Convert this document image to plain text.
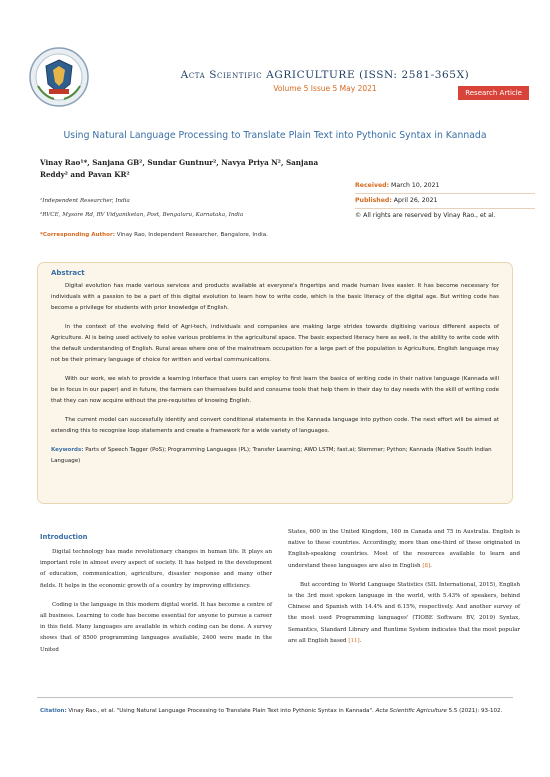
Acta Scientific AGRICULTURE (ISSN: 2581-365X)
Volume 5 Issue 5 May 2021	Research Article
Using Natural Language Processing to Translate Plain Text into Pythonic Syntax in Kannada
Vinay Rao¹*, Sanjana GB², Sundar Guntnur², Navya Priya N², Sanjana
Reddy² and Pavan KR²
¹Independent Researcher, India
²RVCE, Mysore Rd, RV Vidyaniketan, Post, Bengaluru, Karnataka, India
*Corresponding Author: Vinay Rao, Independent Researcher, Bangalore, India.
Received: March 10, 2021
Published: April 26, 2021
© All rights are reserved by Vinay Rao., et al.
Abstract

Digital evolution has made various services and products available at everyone's fingertips and made human lives easier. It has become necessary for individuals with a passion to be a part of this digital evolution to learn how to write code, which is the basic literacy of the digital age. But writing code has become a privilege for students with prior knowledge of English.

In the context of the evolving field of Agri-tech, individuals and companies are making large strides towards digitising various different aspects of Agriculture. AI is being used actively to solve various problems in the agricultural space. The basic expected literacy here as well, is the ability to write code with the default understanding of English. Rural areas where one of the mainstream occupation for a large part of the population is Agriculture, English language may not be their primary language of choice for written and verbal communications.

With our work, we wish to provide a learning interface that users can employ to first learn the basics of writing code in their native language (Kannada will be in focus in our paper) and in future, the farmers can themselves build and consume tools that help them in their day to day needs with the skill of writing code that they can now acquire without the pre-requisites of knowing English.

The current model can successfully identify and convert conditional statements in the Kannada language into python code. The next effort will be aimed at extending this to recognise loop statements and create a framework for a wide variety of languages.

Keywords: Parts of Speech Tagger (PoS); Programming Languages (PL); Transfer Learning; AWD LSTM; fast.ai; Stemmer; Python; Kannada (Native South Indian Language)
Introduction

Digital technology has made revolutionary changes in human life. It plays an important role in almost every aspect of society. It has helped in the development of education, communication, agriculture, disaster response and many other fields. It helps in the economic growth of a country by improving efficiency.

Coding is the language in this modern digital world. It has become a centre of all business. Learning to code has become essential for anyone to pursue a career in this field. Many languages are available in which coding can be done. A survey shows that of 8500 programming languages available, 2400 were made in the United

States, 600 in the United Kingdom, 160 in Canada and 75 in Australia. English is native to these countries. Accordingly, more than one-third of these originated in English-speaking countries. Most of the resources available to learn and understand these languages are also in English [8].

But according to World Language Statistics (SIL International, 2015), English is the 3rd most spoken language in the world, with 5.43% of speakers, behind Chinese and Spanish with 14.4% and 6.15%, respectively. And another survey of the most used Programming languages' (TIOBE Software BV, 2019) Syntax, Semantics, Standard Library and Runtime System indicates that the most popular are all English based [11].

Citation: Vinay Rao., et al. "Using Natural Language Processing to Translate Plain Text into Pythonic Syntax in Kannada". Acta Scientific Agriculture 5.5 (2021): 93-102.
